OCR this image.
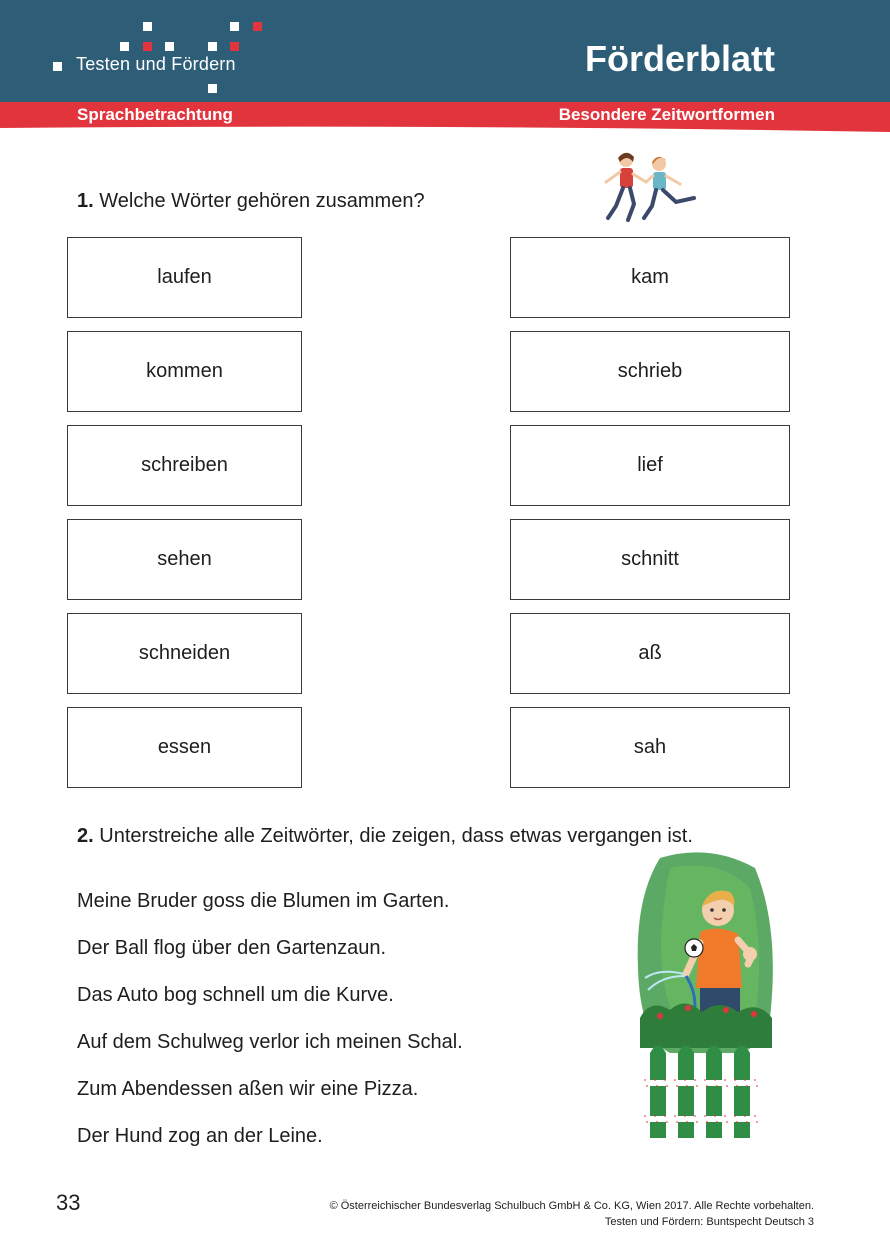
Testen und Fördern	Förderblatt
Sprachbetrachtung	Besondere Zeitwortformen
1. Welche Wörter gehören zusammen?
laufen
kommen
schreiben
sehen
schneiden
essen
kam
schrieb
lief
schnitt
aß
sah
2. Unterstreiche alle Zeitwörter, die zeigen, dass etwas vergangen ist.
Meine Bruder goss die Blumen im Garten.
Der Ball flog über den Gartenzaun.
Das Auto bog schnell um die Kurve.
Auf dem Schulweg verlor ich meinen Schal.
Zum Abendessen aßen wir eine Pizza.
Der Hund zog an der Leine.
33	© Österreichischer Bundesverlag Schulbuch GmbH & Co. KG, Wien 2017. Alle Rechte vorbehalten.
Testen und Fördern: Buntspecht Deutsch 3
